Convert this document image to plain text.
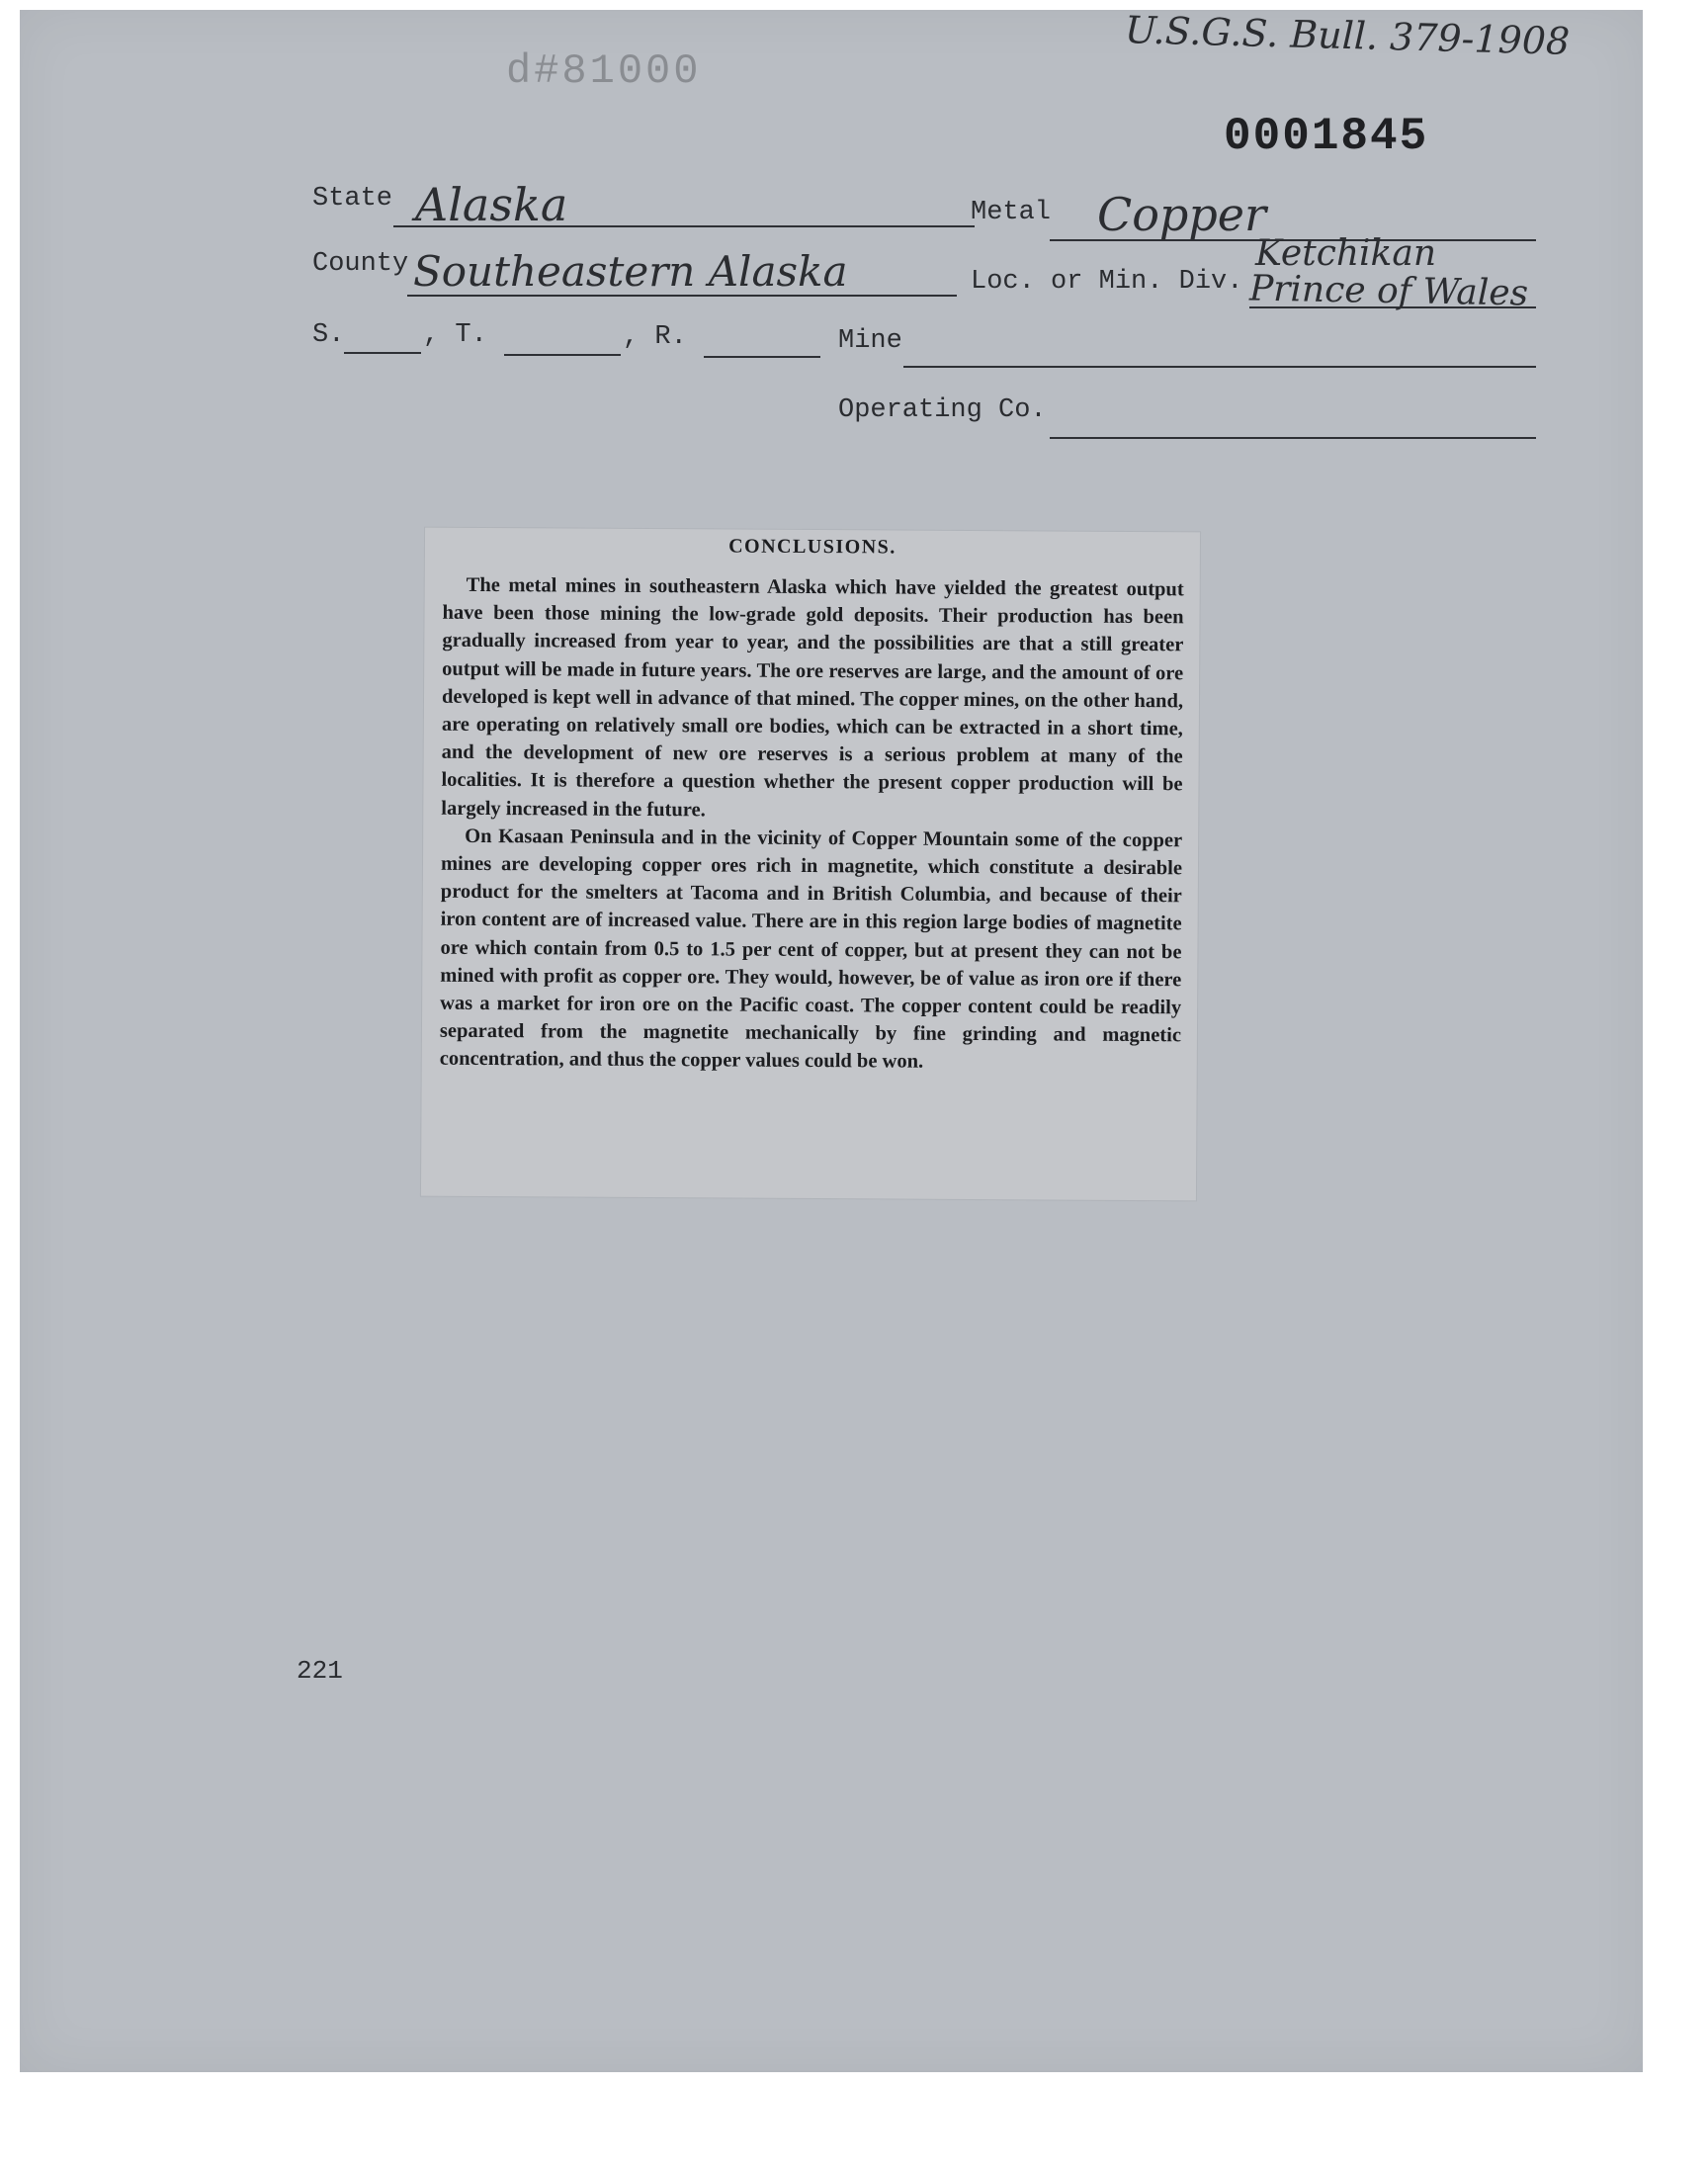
U.S.G.S. Bull. 379-1908
d#81000
0001845
State Alaska	Metal Copper
County Southeastern Alaska	Loc. or Min. Div.
Ketchikan
Prince of Wales
S.	, T.	, R.	Mine
Operating Co.
CONCLUSIONS.

The metal mines in southeastern Alaska which have yielded the greatest output have been those mining the low-grade gold deposits. Their production has been gradually increased from year to year, and the possibilities are that a still greater output will be made in future years. The ore reserves are large, and the amount of ore developed is kept well in advance of that mined. The copper mines, on the other hand, are operating on relatively small ore bodies, which can be extracted in a short time, and the development of new ore reserves is a serious problem at many of the localities. It is therefore a question whether the present copper production will be largely increased in the future.

On Kasaan Peninsula and in the vicinity of Copper Mountain some of the copper mines are developing copper ores rich in magnetite, which constitute a desirable product for the smelters at Tacoma and in British Columbia, and because of their iron content are of increased value. There are in this region large bodies of magnetite ore which contain from 0.5 to 1.5 per cent of copper, but at present they can not be mined with profit as copper ore. They would, however, be of value as iron ore if there was a market for iron ore on the Pacific coast. The copper content could be readily separated from the magnetite mechanically by fine grinding and magnetic concentration, and thus the copper values could be won.

221
